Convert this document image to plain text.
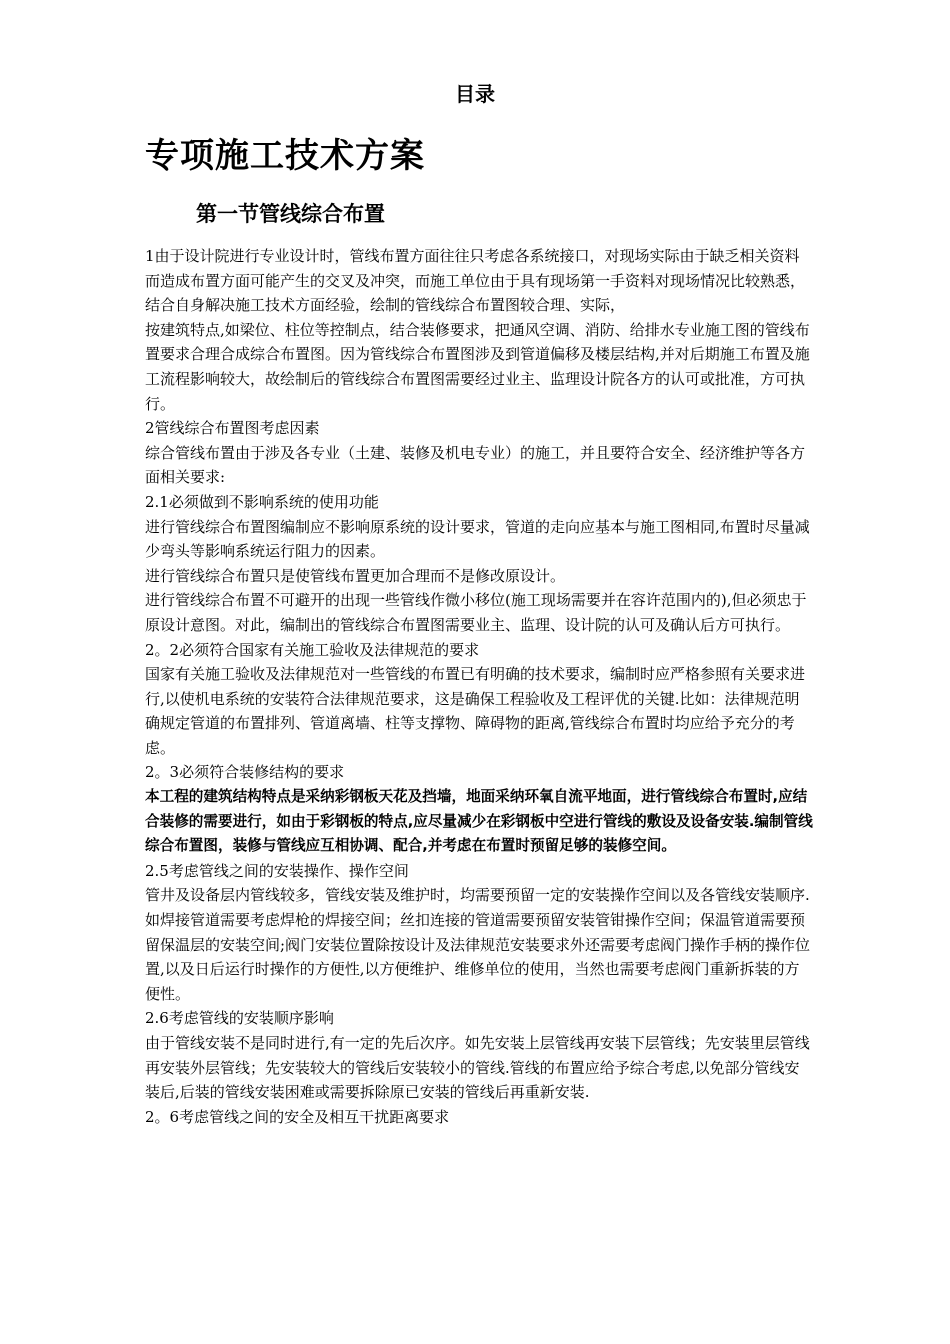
目录
专项施工技术方案
第一节管线综合布置

1由于设计院进行专业设计时，管线布置方面往往只考虑各系统接口，对现场实际由于缺乏相关资料而造成布置方面可能产生的交叉及冲突，而施工单位由于具有现场第一手资料对现场情况比较熟悉，结合自身解决施工技术方面经验，绘制的管线综合布置图较合理、实际，

按建筑特点,如梁位、柱位等控制点，结合装修要求，把通风空调、消防、给排水专业施工图的管线布置要求合理合成综合布置图。因为管线综合布置图涉及到管道偏移及楼层结构,并对后期施工布置及施工流程影响较大，故绘制后的管线综合布置图需要经过业主、监理设计院各方的认可或批准，方可执行。

2管线综合布置图考虑因素

综合管线布置由于涉及各专业（土建、装修及机电专业）的施工，并且要符合安全、经济维护等各方面相关要求:

2.1必须做到不影响系统的使用功能

进行管线综合布置图编制应不影响原系统的设计要求，管道的走向应基本与施工图相同,布置时尽量减少弯头等影响系统运行阻力的因素。

进行管线综合布置只是使管线布置更加合理而不是修改原设计。

进行管线综合布置不可避开的出现一些管线作微小移位(施工现场需要并在容许范围内的),但必须忠于原设计意图。对此，编制出的管线综合布置图需要业主、监理、设计院的认可及确认后方可执行。

2。2必须符合国家有关施工验收及法律规范的要求

国家有关施工验收及法律规范对一些管线的布置已有明确的技术要求，编制时应严格参照有关要求进行,以使机电系统的安装符合法律规范要求，这是确保工程验收及工程评优的关键.比如：法律规范明确规定管道的布置排列、管道离墙、柱等支撑物、障碍物的距离,管线综合布置时均应给予充分的考虑。

2。3必须符合装修结构的要求

本工程的建筑结构特点是采纳彩钢板天花及挡墙，地面采纳环氧自流平地面，进行管线综合布置时,应结合装修的需要进行，如由于彩钢板的特点,应尽量减少在彩钢板中空进行管线的敷设及设备安装.编制管线综合布置图，装修与管线应互相协调、配合,并考虑在布置时预留足够的装修空间。

2.5考虑管线之间的安装操作、操作空间

管井及设备层内管线较多，管线安装及维护时，均需要预留一定的安装操作空间以及各管线安装顺序.如焊接管道需要考虑焊枪的焊接空间；丝扣连接的管道需要预留安装管钳操作空间；保温管道需要预留保温层的安装空间;阀门安装位置除按设计及法律规范安装要求外还需要考虑阀门操作手柄的操作位置,以及日后运行时操作的方便性,以方便维护、维修单位的使用，当然也需要考虑阀门重新拆装的方便性。

2.6考虑管线的安装顺序影响

由于管线安装不是同时进行,有一定的先后次序。如先安装上层管线再安装下层管线；先安装里层管线再安装外层管线；先安装较大的管线后安装较小的管线.管线的布置应给予综合考虑,以免部分管线安装后,后装的管线安装困难或需要拆除原已安装的管线后再重新安装.

2。6考虑管线之间的安全及相互干扰距离要求
